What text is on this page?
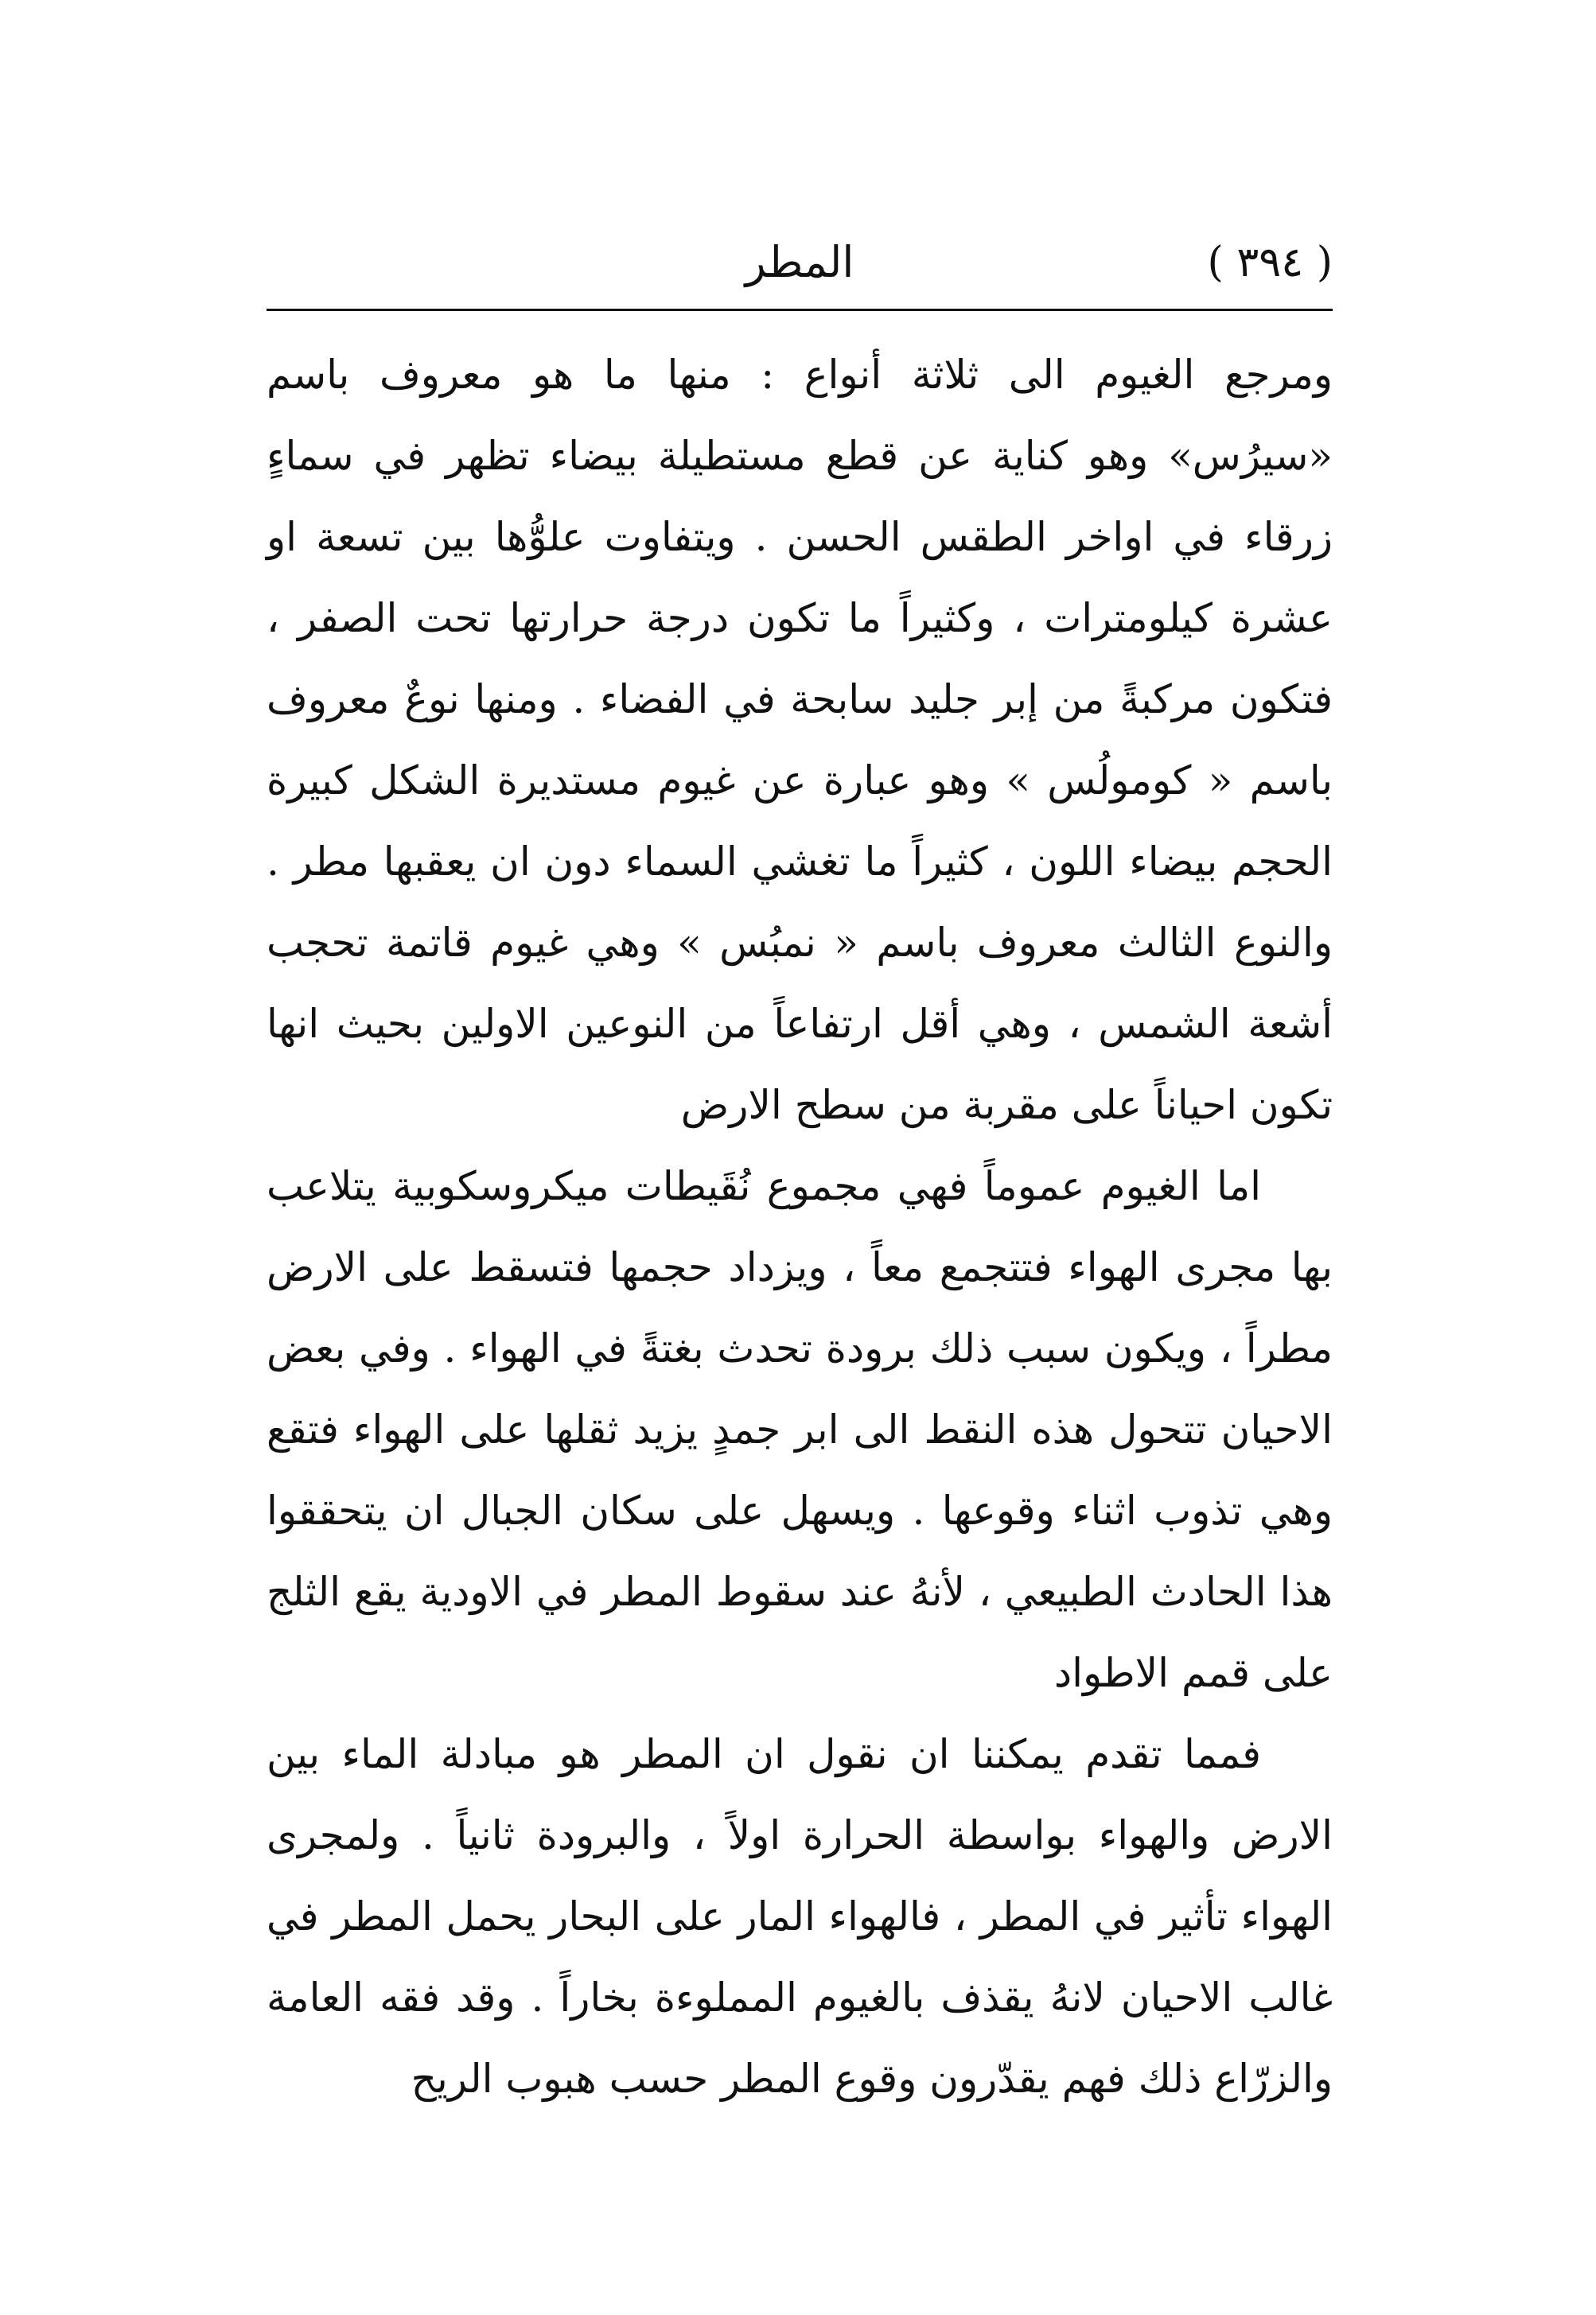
( ٣٩٤ )
المطر

ومرجع الغيوم الى ثلاثة أنواع : منها ما هو معروف باسم «سيرُس» وهو كناية عن قطع مستطيلة بيضاء تظهر في سماءٍ زرقاء في اواخر الطقس الحسن . ويتفاوت علوُّها بين تسعة او عشرة كيلومترات ، وكثيراً ما تكون درجة حرارتها تحت الصفر ، فتكون مركبةً من إبر جليد سابحة في الفضاء . ومنها نوعٌ معروف باسم « كومولُس » وهو عبارة عن غيوم مستديرة الشكل كبيرة الحجم بيضاء اللون ، كثيراً ما تغشي السماء دون ان يعقبها مطر . والنوع الثالث معروف باسم « نمبُس » وهي غيوم قاتمة تحجب أشعة الشمس ، وهي أقل ارتفاعاً من النوعين الاولين بحيث انها تكون احياناً على مقربة من سطح الارض

اما الغيوم عموماً فهي مجموع نُقَيطات ميكروسكوبية يتلاعب بها مجرى الهواء فتتجمع معاً ، ويزداد حجمها فتسقط على الارض مطراً ، ويكون سبب ذلك برودة تحدث بغتةً في الهواء . وفي بعض الاحيان تتحول هذه النقط الى ابر جمدٍ يزيد ثقلها على الهواء فتقع وهي تذوب اثناء وقوعها . ويسهل على سكان الجبال ان يتحققوا هذا الحادث الطبيعي ، لأنهُ عند سقوط المطر في الاودية يقع الثلج على قمم الاطواد

فمما تقدم يمكننا ان نقول ان المطر هو مبادلة الماء بين الارض والهواء بواسطة الحرارة اولاً ، والبرودة ثانياً . ولمجرى الهواء تأثير في المطر ، فالهواء المار على البحار يحمل المطر في غالب الاحيان لانهُ يقذف بالغيوم المملوءة بخاراً . وقد فقه العامة والزرّاع ذلك فهم يقدّرون وقوع المطر حسب هبوب الريح
